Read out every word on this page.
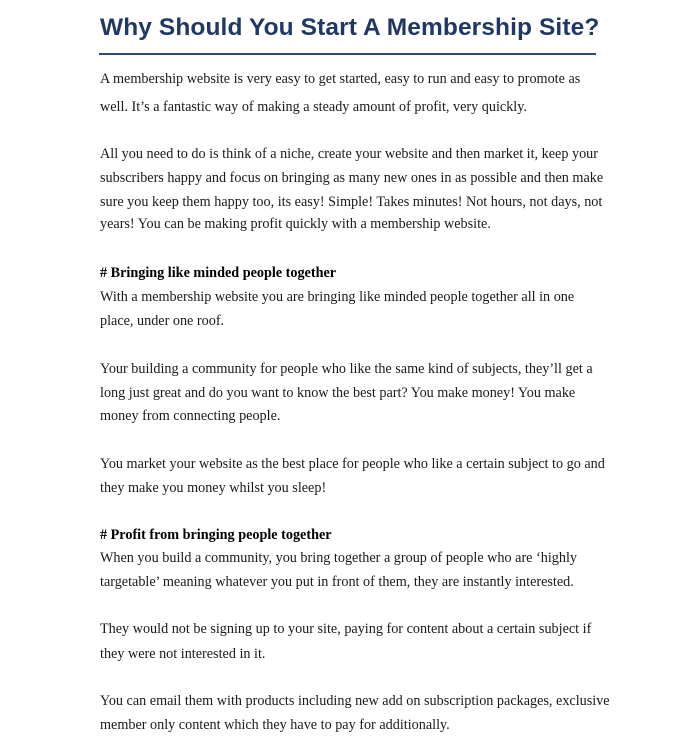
Why Should You Start A Membership Site?
A membership website is very easy to get started, easy to run and easy to promote as
well. It’s a fantastic way of making a steady amount of profit, very quickly.
All you need to do is think of a niche, create your website and then market it, keep your
subscribers happy and focus on bringing as many new ones in as possible and then make
sure you keep them happy too, its easy! Simple! Takes minutes! Not hours, not days, not
years! You can be making profit quickly with a membership website.
# Bringing like minded people together
With a membership website you are bringing like minded people together all in one
place, under one roof.
Your building a community for people who like the same kind of subjects, they’ll get a
long just great and do you want to know the best part? You make money! You make
money from connecting people.
You market your website as the best place for people who like a certain subject to go and
they make you money whilst you sleep!
# Profit from bringing people together
When you build a community, you bring together a group of people who are ‘highly
targetable’ meaning whatever you put in front of them, they are instantly interested.
They would not be signing up to your site, paying for content about a certain subject if
they were not interested in it.
You can email them with products including new add on subscription packages, exclusive
member only content which they have to pay for additionally.
